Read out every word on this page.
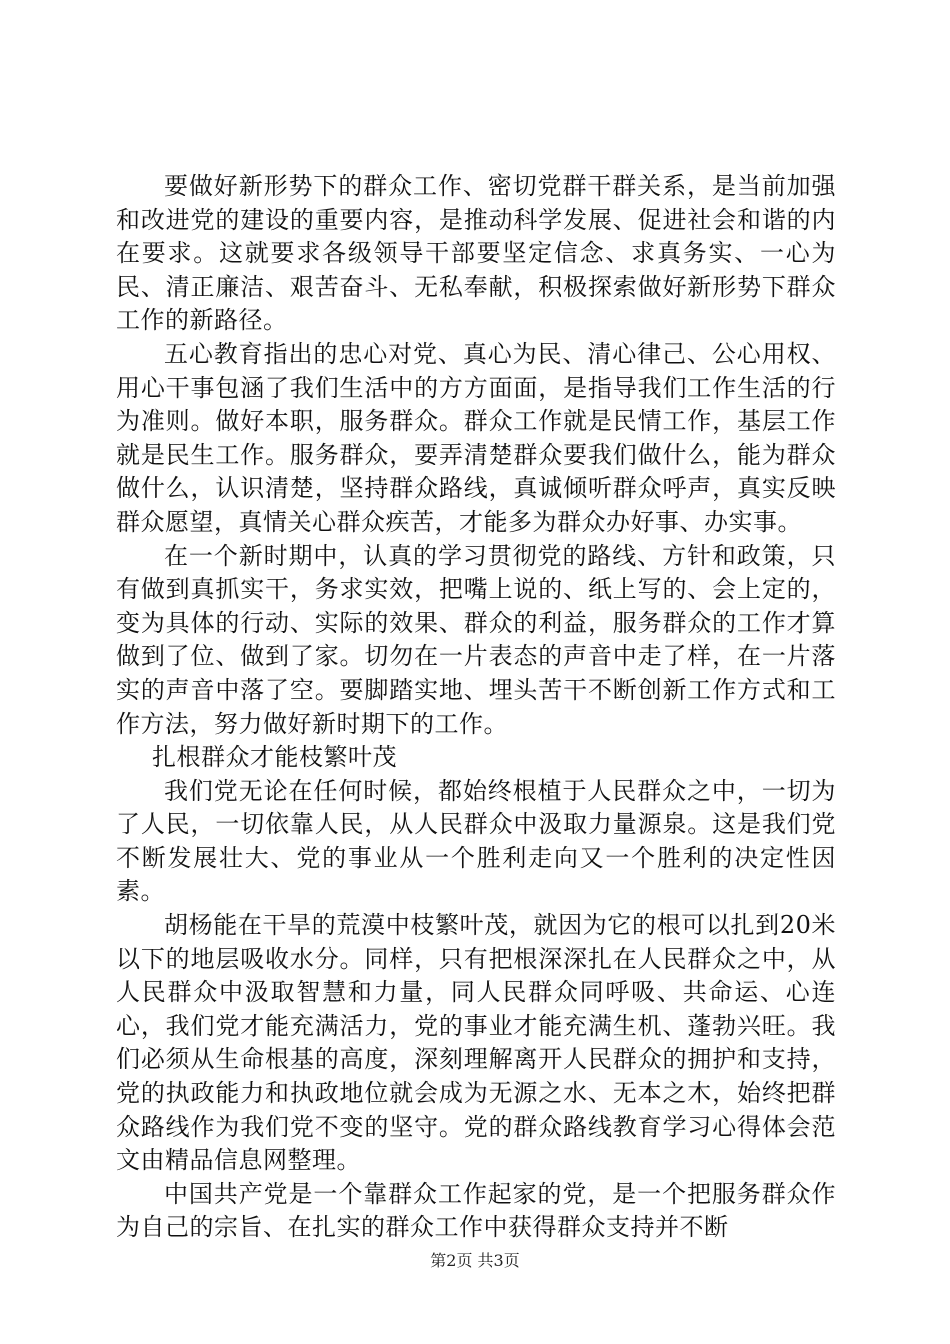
要做好新形势下的群众工作、密切党群干群关系，是当前加强和改进党的建设的重要内容，是推动科学发展、促进社会和谐的内在要求。这就要求各级领导干部要坚定信念、求真务实、一心为民、清正廉洁、艰苦奋斗、无私奉献，积极探索做好新形势下群众工作的新路径。

五心教育指出的忠心对党、真心为民、清心律己、公心用权、用心干事包涵了我们生活中的方方面面，是指导我们工作生活的行为准则。做好本职，服务群众。群众工作就是民情工作，基层工作就是民生工作。服务群众，要弄清楚群众要我们做什么，能为群众做什么，认识清楚，坚持群众路线，真诚倾听群众呼声，真实反映群众愿望，真情关心群众疾苦，才能多为群众办好事、办实事。

在一个新时期中，认真的学习贯彻党的路线、方针和政策，只有做到真抓实干，务求实效，把嘴上说的、纸上写的、会上定的，变为具体的行动、实际的效果、群众的利益，服务群众的工作才算做到了位、做到了家。切勿在一片表态的声音中走了样，在一片落实的声音中落了空。要脚踏实地、埋头苦干不断创新工作方式和工作方法，努力做好新时期下的工作。

扎根群众才能枝繁叶茂

我们党无论在任何时候，都始终根植于人民群众之中，一切为了人民，一切依靠人民，从人民群众中汲取力量源泉。这是我们党不断发展壮大、党的事业从一个胜利走向又一个胜利的决定性因素。

胡杨能在干旱的荒漠中枝繁叶茂，就因为它的根可以扎到20米以下的地层吸收水分。同样，只有把根深深扎在人民群众之中，从人民群众中汲取智慧和力量，同人民群众同呼吸、共命运、心连心，我们党才能充满活力，党的事业才能充满生机、蓬勃兴旺。我们必须从生命根基的高度，深刻理解离开人民群众的拥护和支持，党的执政能力和执政地位就会成为无源之水、无本之木，始终把群众路线作为我们党不变的坚守。党的群众路线教育学习心得体会范文由精品信息网整理。

中国共产党是一个靠群众工作起家的党，是一个把服务群众作为自己的宗旨、在扎实的群众工作中获得群众支持并不断

第2页 共3页
